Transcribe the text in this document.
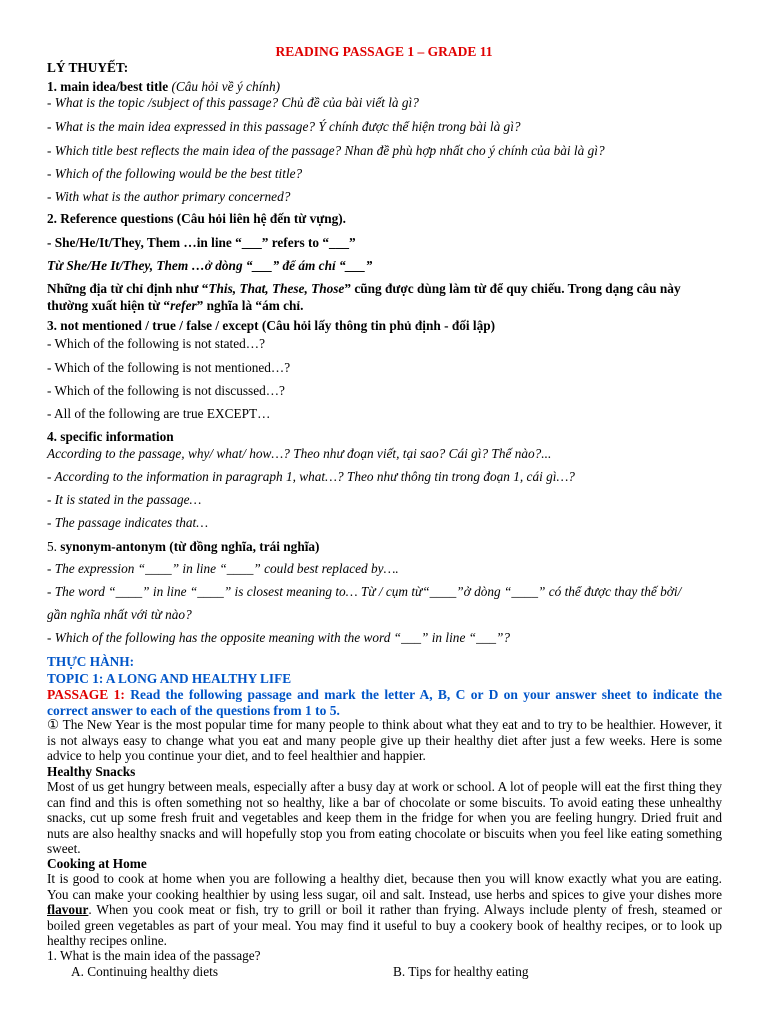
READING PASSAGE 1 – GRADE 11
LÝ THUYẾT:
1. main idea/best title (Câu hỏi về ý chính)
- What is the topic /subject of this passage? Chủ đề của bài viết là gì?
- What is the main idea expressed in this passage? Ý chính được thể hiện trong bài là gì?
- Which title best reflects the main idea of the passage? Nhan đề phù hợp nhất cho ý chính của bài là gì?
- Which of the following would be the best title?
- With what is the author primary concerned?
2. Reference questions (Câu hỏi liên hệ đến từ vựng).
- She/He/It/They, Them …in line “___” refers to “___”
Từ She/He It/They, Them …ở dòng “___” để ám chỉ “___”
Những địa từ chỉ định như “This, That, These, Those” cũng được dùng làm từ để quy chiếu. Trong dạng câu này
thường xuất hiện từ “refer” nghĩa là “ám chỉ.
3. not mentioned / true / false / except (Câu hỏi lấy thông tin phủ định - đối lập)
- Which of the following is not stated…?
- Which of the following is not mentioned…?
- Which of the following is not discussed…?
- All of the following are true EXCEPT…
4. specific information
According to the passage, why/ what/ how…? Theo như đoạn viết, tại sao? Cái gì? Thế nào?...
- According to the information in paragraph 1, what…? Theo như thông tin trong đoạn 1, cái gì…?
- It is stated in the passage…
- The passage indicates that…
5. synonym-antonym (từ đồng nghĩa, trái nghĩa)
- The expression “____” in line “____” could best replaced by….
- The word “____” in line “____” is closest meaning to… Từ / cụm từ“____”ở dòng “____” có thể được thay thế bởi/
gần nghĩa nhất với từ nào?
- Which of the following has the opposite meaning with the word “___” in line “___”?
THỰC HÀNH:
TOPIC 1: A LONG AND HEALTHY LIFE
PASSAGE 1: Read the following passage and mark the letter A, B, C or D on your answer sheet to indicate the correct answer to each of the questions from 1 to 5.
① The New Year is the most popular time for many people to think about what they eat and to try to be healthier. However, it is not always easy to change what you eat and many people give up their healthy diet after just a few weeks. Here is some advice to help you continue your diet, and to feel healthier and happier.
Healthy Snacks
Most of us get hungry between meals, especially after a busy day at work or school. A lot of people will eat the first thing they can find and this is often something not so healthy, like a bar of chocolate or some biscuits. To avoid eating these unhealthy snacks, cut up some fresh fruit and vegetables and keep them in the fridge for when you are feeling hungry. Dried fruit and nuts are also healthy snacks and will hopefully stop you from eating chocolate or biscuits when you feel like eating something sweet.
Cooking at Home
It is good to cook at home when you are following a healthy diet, because then you will know exactly what you are eating. You can make your cooking healthier by using less sugar, oil and salt. Instead, use herbs and spices to give your dishes more flavour. When you cook meat or fish, try to grill or boil it rather than frying. Always include plenty of fresh, steamed or boiled green vegetables as part of your meal. You may find it useful to buy a cookery book of healthy recipes, or to look up healthy recipes online.
1. What is the main idea of the passage?
A. Continuing healthy diets	B. Tips for healthy eating
